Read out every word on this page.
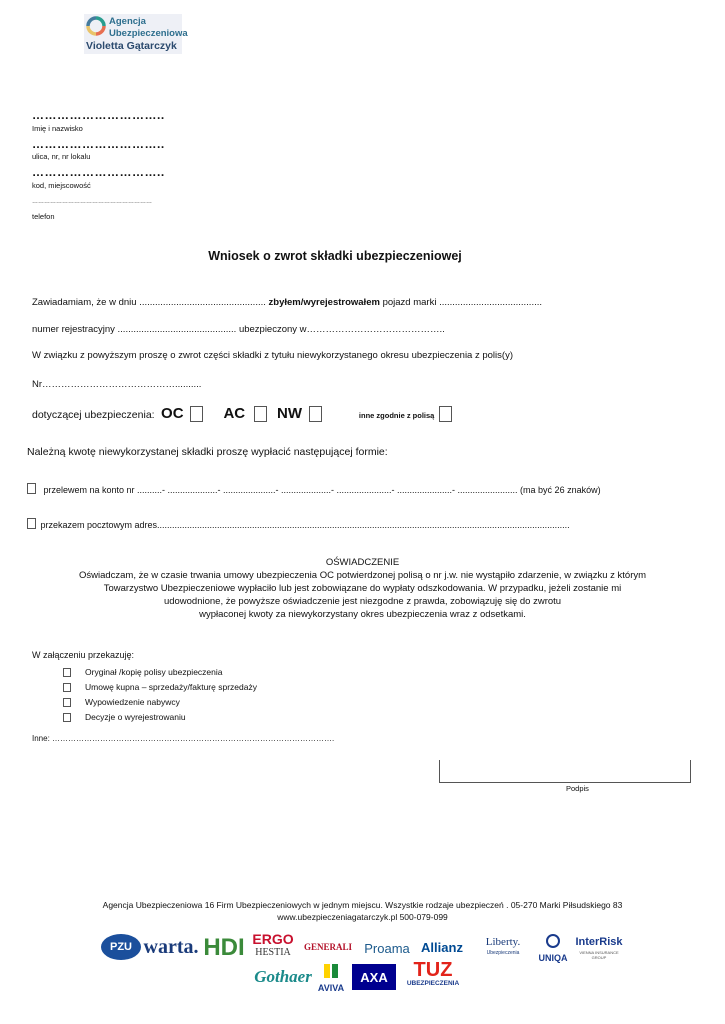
Agencja
Ubezpieczeniowa
Violetta Gątarczyk
…………………………..
Imię i nazwisko
…………………………..
ulica, nr, nr lokalu
…………………………..
kod, miejscowość
……………………………………………………
telefon
Wniosek o zwrot składki ubezpieczeniowej
Zawiadamiam, że w dniu ................................................ zbyłem/wyrejestrowałem pojazd marki .......................................
numer rejestracyjny ............................................. ubezpieczony w……………………………………..
W związku z powyższym proszę o zwrot części składki z tytułu niewykorzystanego okresu ubezpieczenia z polis(y)
Nr……………………………………..........
dotyczącej ubezpieczenia: OC	AC NW	inne zgodnie z polisą
Należną kwotę niewykorzystanej składki proszę wypłacić następującej formie:
przelewem na konto nr ..........- ....................- .....................- ....................- ......................- ......................- ........................ (ma być 26 znaków)
przekazem pocztowym adres.....................................................................................................................................................................
OŚWIADCZENIE
Oświadczam, że w czasie trwania umowy ubezpieczenia OC potwierdzonej polisą o nr j.w. nie wystąpiło zdarzenie, w związku z którym
Towarzystwo Ubezpieczeniowe wypłaciło lub jest zobowiązane do wypłaty odszkodowania. W przypadku, jeżeli zostanie mi
udowodnione, że powyższe oświadczenie jest niezgodne z prawda, zobowiązuję się do zwrotu
wypłaconej kwoty za niewykorzystany okres ubezpieczenia wraz z odsetkami.
W załączeniu przekazuję:
Oryginał /kopię polisy ubezpieczenia
Umowę kupna – sprzedaży/fakturę sprzedaży
Wypowiedzenie nabywcy
Decyzje o wyrejestrowaniu
Inne: …………………………………………………………………………………………….
Podpis
Agencja Ubezpieczeniowa 16 Firm Ubezpieczeniowych w jednym miejscu. Wszystkie rodzaje ubezpieczeń . 05-270 Marki Piłsudskiego 83
www.ubezpieczeniagatarczyk.pl 500-079-099
PZU warta. HDI ERGO
HESTIA	GENERALI Proama Allianz	Liberty.
Ubezpieczenia	UNIQA
InterRisk
VIENNA INSURANCE GROUP
Gothaer
AVIVA
AXA	TUZ
UBEZPIECZENIA
